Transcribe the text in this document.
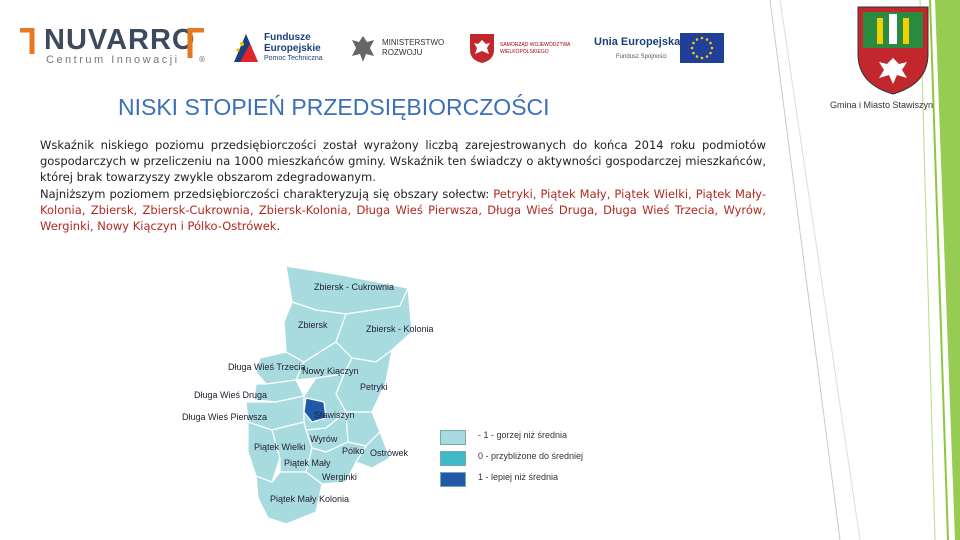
NUVARRO
Centrum Innowacji ®
Fundusze
Europejskie
Pomoc Techniczna
MINISTERSTWO
ROZWOJU
SAMORZĄD WOJEWÓDZTWA
WIELKOPOLSKIEGO
Unia Europejska
Fundusz Spójności
Gmina i Miasto Stawiszyn
NISKI STOPIEŃ PRZEDSIĘBIORCZOŚCI

Wskaźnik niskiego poziomu przedsiębiorczości został wyrażony liczbą zarejestrowanych do końca 2014 roku podmiotów gospodarczych w przeliczeniu na 1000 mieszkańców gminy. Wskaźnik ten świadczy o aktywności gospodarczej mieszkańców, której brak towarzyszy zwykle obszarom zdegradowanym.

Najniższym poziomem przedsiębiorczości charakteryzują się obszary sołectw: Petryki, Piątek Mały, Piątek Wielki, Piątek Mały-Kolonia, Zbiersk, Zbiersk-Cukrownia, Zbiersk-Kolonia, Długa Wieś Pierwsza, Długa Wieś Druga, Długa Wieś Trzecia, Wyrów, Werginki, Nowy Kiączyn i Pólko-Ostrówek.

Zbiersk - Cukrownia
Zbiersk	Zbiersk - Kolonia
Długa Wieś Trzecia
Nowy Kiączyn
Petryki
Długa Wieś Druga
Długa Wieś Pierwsza	Stawiszyn
Wyrów
Piątek Wielki
Piątek Mały
Pólko Ostrówek
Werginki
Piątek Mały Kolonia
- 1 - gorzej niż średnia
0 - przybliżone do średniej
1 - lepiej niż średnia
